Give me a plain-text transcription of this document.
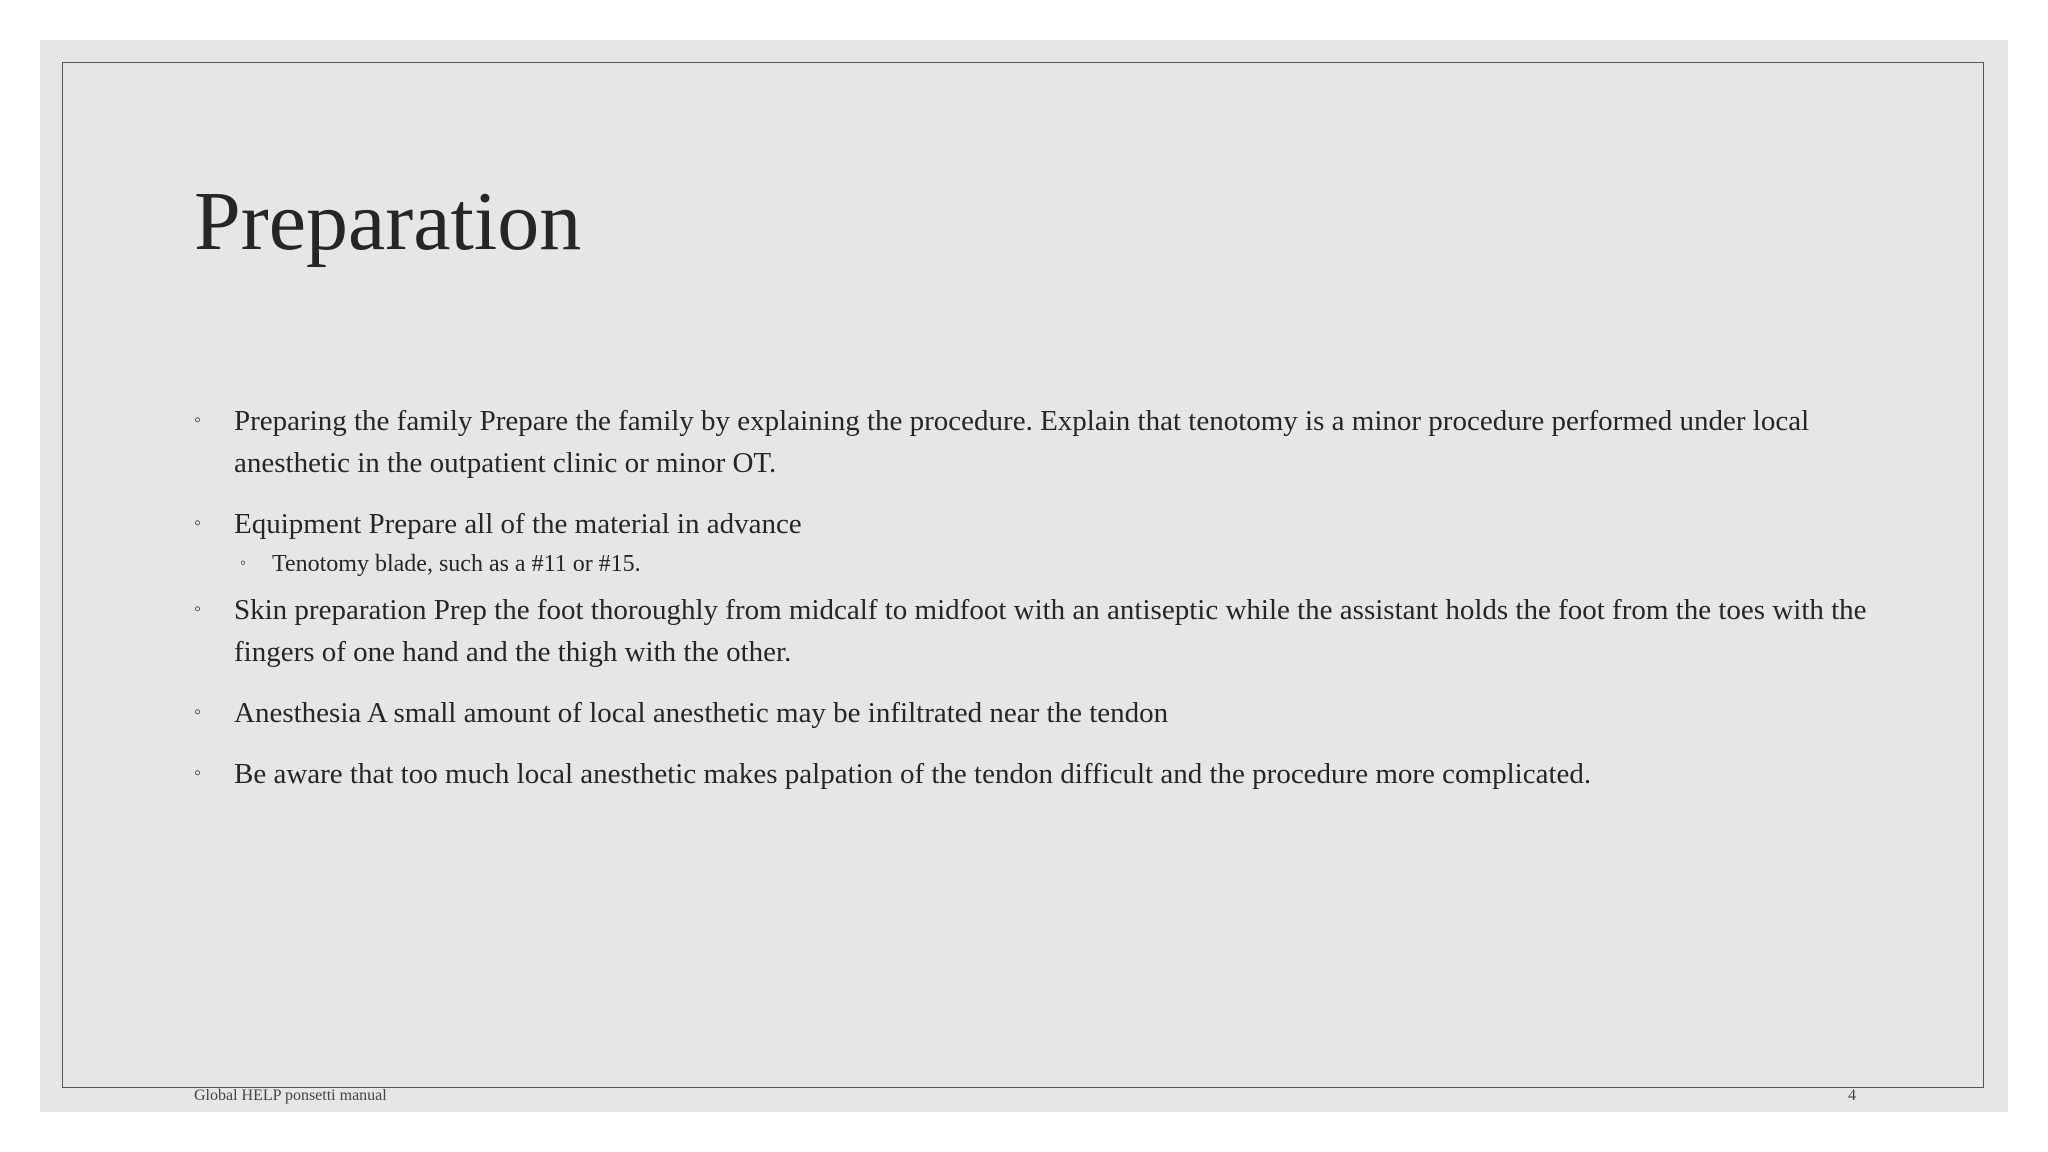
Preparation
◦ Preparing the family Prepare the family by explaining the procedure. Explain that tenotomy is a minor procedure performed under local anesthetic in the outpatient clinic or minor OT.
◦ Equipment Prepare all of the material in advance
◦ Tenotomy blade, such as a #11 or #15.
◦ Skin preparation Prep the foot thoroughly from midcalf to midfoot with an antiseptic while the assistant holds the foot from the toes with the fingers of one hand and the thigh with the other.
◦ Anesthesia A small amount of local anesthetic may be infiltrated near the tendon
◦ Be aware that too much local anesthetic makes palpation of the tendon difficult and the procedure more complicated.
Global HELP ponsetti manual	4
